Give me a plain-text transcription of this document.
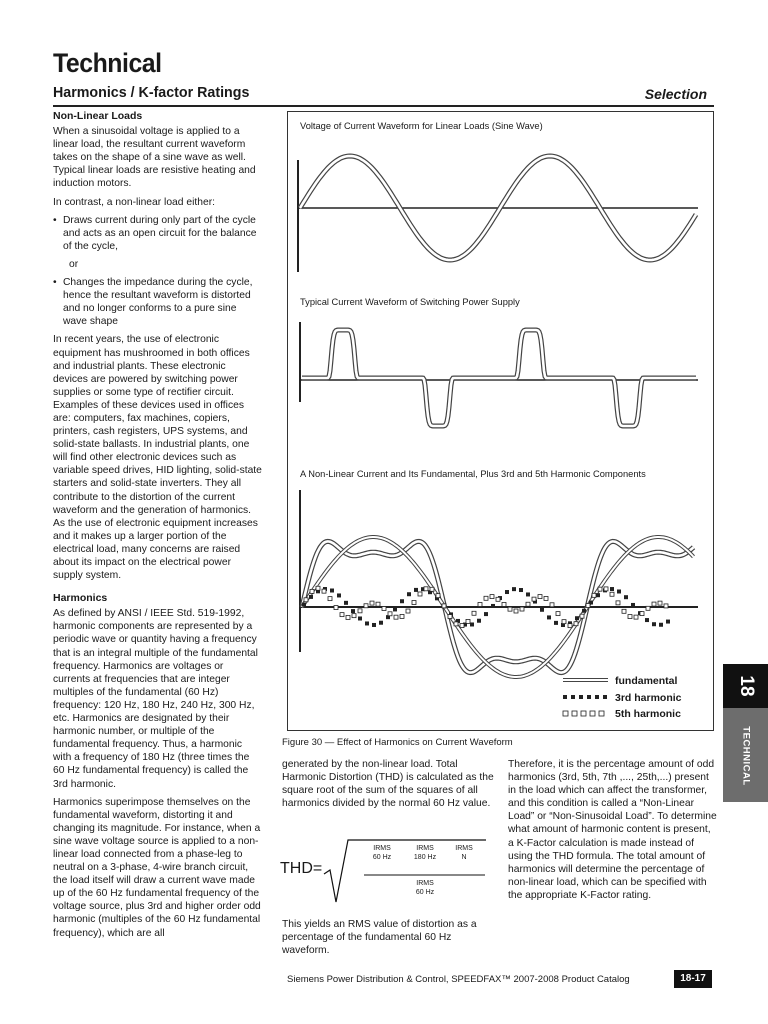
Technical
Harmonics / K-factor Ratings	Selection
Non-Linear Loads

When a sinusoidal voltage is applied to a linear load, the resultant current waveform takes on the shape of a sine wave as well. Typical linear loads are resistive heating and induction motors.

In contrast, a non-linear load either:

• Draws current during only part of the cycle and acts as an open circuit for the balance of the cycle,

or

• Changes the impedance during the cycle, hence the resultant waveform is distorted and no longer conforms to a pure sine wave shape

In recent years, the use of electronic equipment has mushroomed in both offices and industrial plants. These electronic devices are powered by switching power supplies or some type of rectifier circuit. Examples of these devices used in offices are: computers, fax machines, copiers, printers, cash registers, UPS systems, and solid-state ballasts. In industrial plants, one will find other electronic devices such as variable speed drives, HID lighting, solid-state starters and solid-state inverters. They all contribute to the distortion of the current waveform and the generation of harmonics. As the use of electronic equipment increases and it makes up a larger portion of the electrical load, many concerns are raised about its impact on the electrical power supply system.

Harmonics

As defined by ANSI / IEEE Std. 519-1992, harmonic components are represented by a periodic wave or quantity having a frequency that is an integral multiple of the fundamental frequency. Harmonics are voltages or currents at frequencies that are integer multiples of the fundamental (60 Hz) frequency: 120 Hz, 180 Hz, 240 Hz, 300 Hz, etc. Harmonics are designated by their harmonic number, or multiple of the fundamental frequency. Thus, a harmonic with a frequency of 180 Hz (three times the 60 Hz fundamental frequency) is called the 3rd harmonic.

Harmonics superimpose themselves on the fundamental waveform, distorting it and changing its magnitude. For instance, when a sine wave voltage source is applied to a non-linear load connected from a phase-leg to neutral on a 3-phase, 4-wire branch circuit, the load itself will draw a current wave made up of the 60 Hz fundamental frequency of the voltage source, plus 3rd and higher order odd harmonic (multiples of the 60 Hz fundamental frequency), which are all

Voltage of Current Waveform for Linear Loads (Sine Wave)
Typical Current Waveform of Switching Power Supply
A Non-Linear Current and Its Fundamental, Plus 3rd and 5th Harmonic Components
fundamental
3rd harmonic
5th harmonic
Figure 30 — Effect of Harmonics on Current Waveform

generated by the non-linear load. Total Harmonic Distortion (THD) is calculated as the square root of the sum of the squares of all harmonics divided by the normal 60 Hz value.

THD=
IRMS
60 Hz
IRMS
180 Hz
IRMS
N
IRMS
60 Hz
This yields an RMS value of distortion as a percentage of the fundamental 60 Hz waveform.

Therefore, it is the percentage amount of odd harmonics (3rd, 5th, 7th ,..., 25th,...) present in the load which can affect the transformer, and this condition is called a “Non-Linear Load” or “Non-Sinusoidal Load”. To determine what amount of harmonic content is present, a K-Factor calculation is made instead of using the THD formula. The total amount of harmonics will determine the percentage of non-linear load, which can be specified with the appropriate K-Factor rating.

18
TECHNICAL
Siemens Power Distribution & Control, SPEEDFAX™ 2007-2008 Product Catalog	18-17
